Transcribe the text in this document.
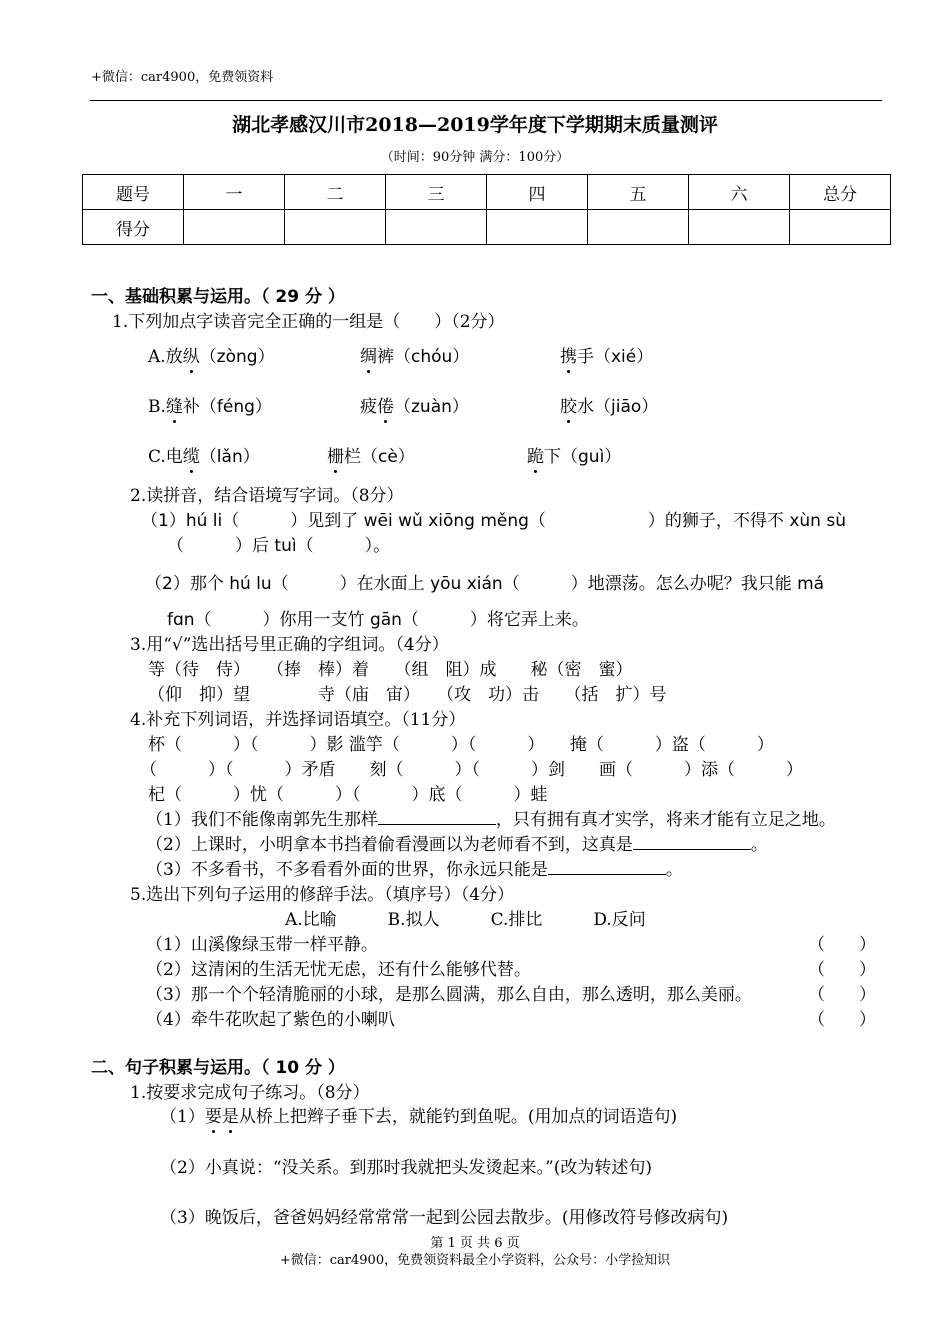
+微信：car4900，免费领资料
湖北孝感汉川市2018—2019学年度下学期期末质量测评
（时间：90分钟 满分：100分）
题号	一	二	三	四	五	六	总分
得分							
一、基础积累与运用。（ 29 分 ）
1.下列加点字读音完全正确的一组是（　　）（2分）
A.放纵（zòng）	绸裤（chóu）	携手（xié）
B.缝补（féng）	疲倦（zuàn）	胶水（jiāo）
C.电缆（lǎn）	栅栏（cè）	跪下（guì）
2.读拼音，结合语境写字词。（8分）
（1）hú li（　　　）见到了 wēi wǔ xiōng měng（　　　　　　）的狮子，不得不 xùn sù
（　　　）后 tuì（　　　）。
（2）那个 hú lu（　　　）在水面上 yōu xián（　　　）地漂荡。怎么办呢？我只能 má
fɑn（　　　）你用一支竹 gān（　　　）将它弄上来。
3.用“√”选出括号里正确的字组词。（4分）
等（待　侍）　　（捧　棒）着　　（组　阻）成　　秘（密　蜜）
（仰　抑）望　　　　寺（庙　宙）　　（攻　功）击　　（括　扩）号
4.补充下列词语，并选择词语填空。（11分）
杯（　　　）（　　　）影 滥竽（　　　）（　　　）　　掩（　　　）盗（　　　）
（　　　）（　　　）矛盾　　刻（　　　）（　　　）剑　　画（　　　）添（　　　）
杞（　　　）忧（　　　）（　　　）底（　　　）蛙
（1）我们不能像南郭先生那样	，只有拥有真才实学，将来才能有立足之地。
（2）上课时，小明拿本书挡着偷看漫画以为老师看不到，这真是	。
（3）不多看书，不多看看外面的世界，你永远只能是	。
5.选出下列句子运用的修辞手法。（填序号）（4分）
A.比喻　　　B.拟人　　　C.排比　　　D.反问
（1）山溪像绿玉带一样平静。	（　　）
（2）这清闲的生活无忧无虑，还有什么能够代替。	（　　）
（3）那一个个轻清脆丽的小球，是那么圆满，那么自由，那么透明，那么美丽。	（　　）
（4）牵牛花吹起了紫色的小喇叭	（　　）
二、句子积累与运用。（ 10 分 ）
1.按要求完成句子练习。（8分）
（1）要是从桥上把辫子垂下去，就能钓到鱼呢。(用加点的词语造句)
（2）小真说：“没关系。到那时我就把头发烫起来。”(改为转述句)
（3）晚饭后，爸爸妈妈经常常常一起到公园去散步。(用修改符号修改病句)
第 1 页 共 6 页
+微信：car4900，免费领资料最全小学资料，公众号：小学捡知识
